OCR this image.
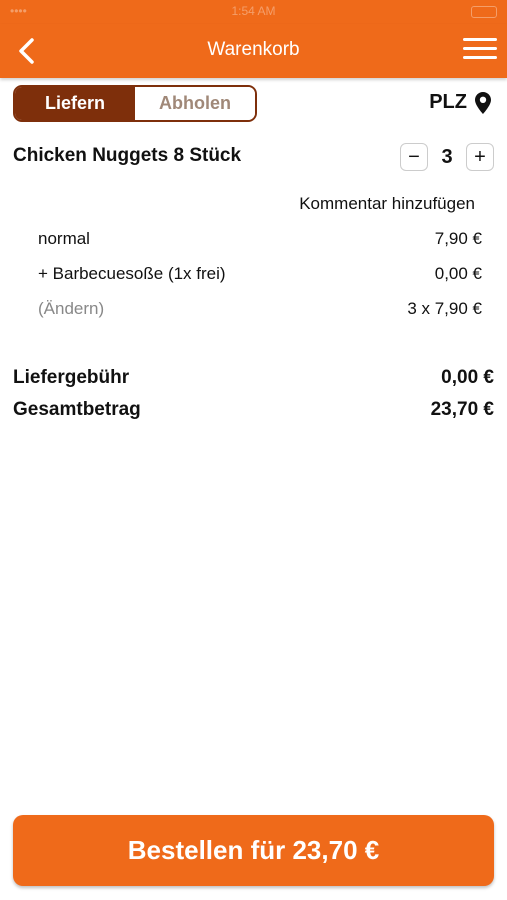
••••	1:54 AM
Warenkorb
Liefern	Abholen	PLZ
Chicken Nuggets 8 Stück	−	3	+
Kommentar hinzufügen
normal	7,90 €
+ Barbecuesoße (1x frei)	0,00 €
(Ändern)	3 x 7,90 €
Liefergebühr	0,00 €
Gesamtbetrag	23,70 €
Bestellen für 23,70 €
